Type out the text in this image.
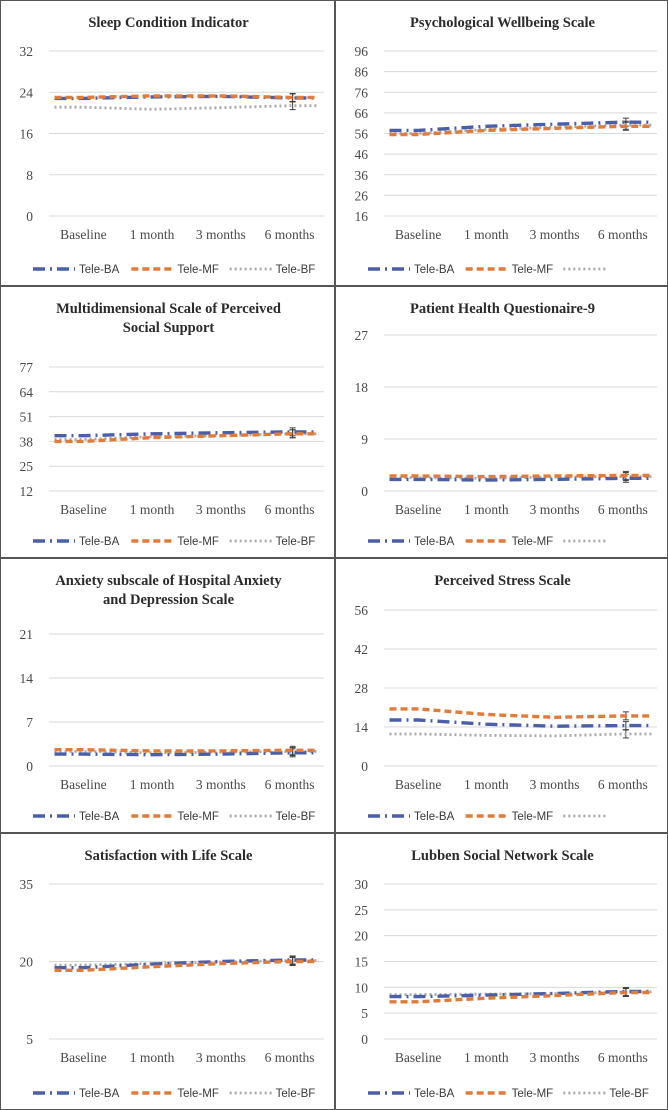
Sleep Condition Indicator
0
8
16
24
32
Baseline 1 month 3 months 6 months
Tele-BA	Tele-MF	Tele-BF
Psychological Wellbeing Scale
16
26
36
46
56
66
76
86
96
Baseline 1 month 3 months 6 months
Tele-BA	Tele-MF
Multidimensional Scale of Perceived
Social Support
12
25
38
51
64
77
Baseline 1 month 3 months 6 months
Tele-BA	Tele-MF	Tele-BF
Patient Health Questionaire-9
0
9
18
27
Baseline 1 month 3 months 6 months
Tele-BA	Tele-MF
Anxiety subscale of Hospital Anxiety
and Depression Scale
0
7
14
21
Baseline 1 month 3 months 6 months
Tele-BA	Tele-MF	Tele-BF
Perceived Stress Scale
0
14
28
42
56
Baseline 1 month 3 months 6 months
Tele-BA	Tele-MF
Satisfaction with Life Scale
5
20
35
Baseline 1 month 3 months 6 months
Tele-BA	Tele-MF	Tele-BF
Lubben Social Network Scale
0
5
10
15
20
25
30
Baseline 1 month 3 months 6 months
Tele-BA	Tele-MF	Tele-BF
